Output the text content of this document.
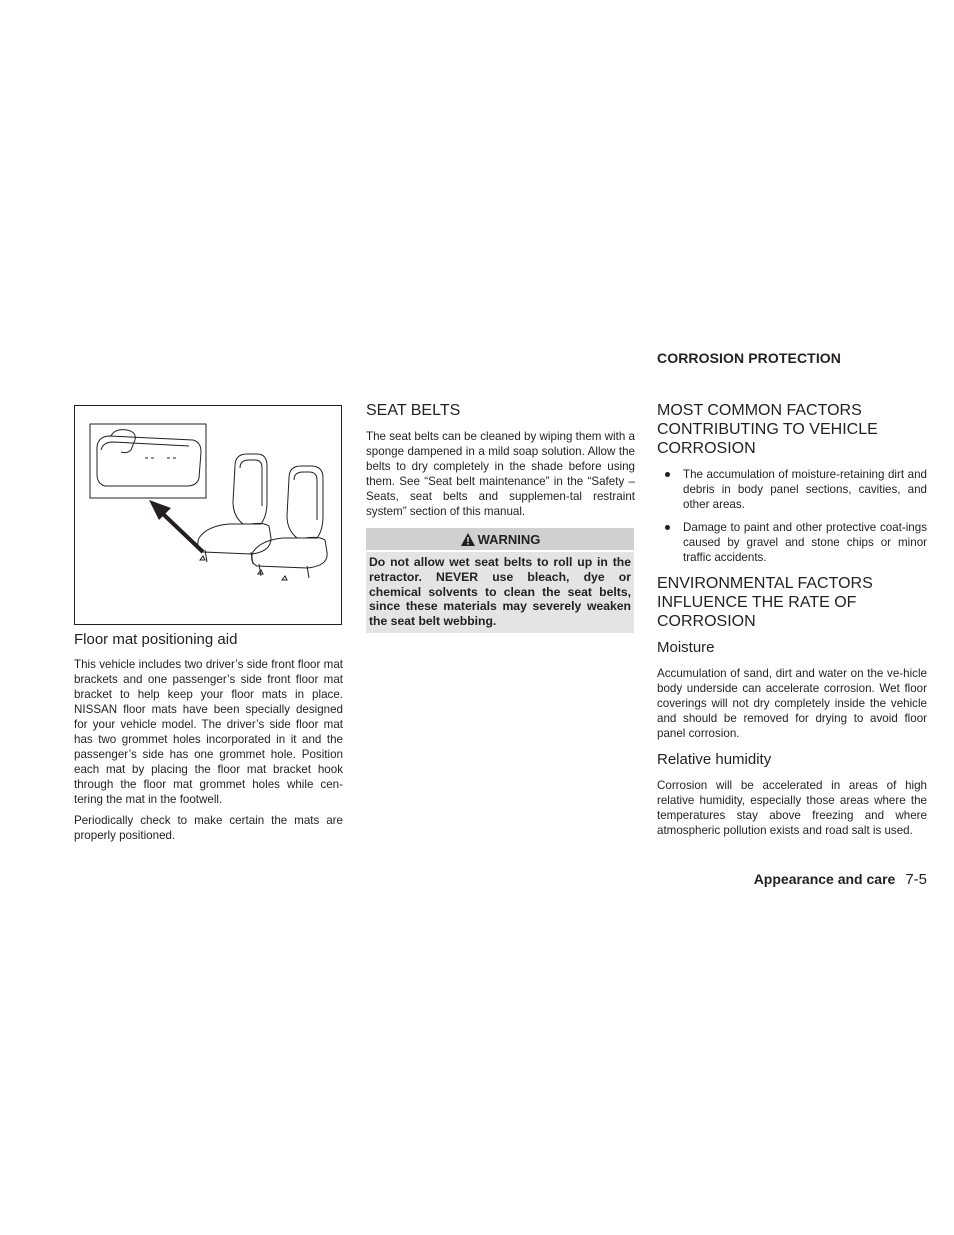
Floor mat positioning aid

This vehicle includes two driver’s side front floor mat brackets and one passenger’s side front floor mat bracket to help keep your floor mats in place. NISSAN floor mats have been specially designed for your vehicle model. The driver’s side floor mat has two grommet holes incorporated in it and the passenger’s side has one grommet hole. Position each mat by placing the floor mat bracket hook through the floor mat grommet holes while cen-tering the mat in the footwell.

Periodically check to make certain the mats are properly positioned.

SEAT BELTS

The seat belts can be cleaned by wiping them with a sponge dampened in a mild soap solution. Allow the belts to dry completely in the shade before using them. See “Seat belt maintenance” in the “Safety – Seats, seat belts and supplemen-tal restraint system” section of this manual.

WARNING
Do not allow wet seat belts to roll up in the retractor. NEVER use bleach, dye or chemical solvents to clean the seat belts, since these materials may severely weaken the seat belt webbing.
CORROSION PROTECTION
MOST COMMON FACTORS CONTRIBUTING TO VEHICLE CORROSION
The accumulation of moisture-retaining dirt and debris in body panel sections, cavities, and other areas.
Damage to paint and other protective coat-ings caused by gravel and stone chips or minor traffic accidents.
ENVIRONMENTAL FACTORS INFLUENCE THE RATE OF CORROSION
Moisture

Accumulation of sand, dirt and water on the ve-hicle body underside can accelerate corrosion. Wet floor coverings will not dry completely inside the vehicle and should be removed for drying to avoid floor panel corrosion.

Relative humidity

Corrosion will be accelerated in areas of high relative humidity, especially those areas where the temperatures stay above freezing and where atmospheric pollution exists and road salt is used.

Appearance and care 7-5
